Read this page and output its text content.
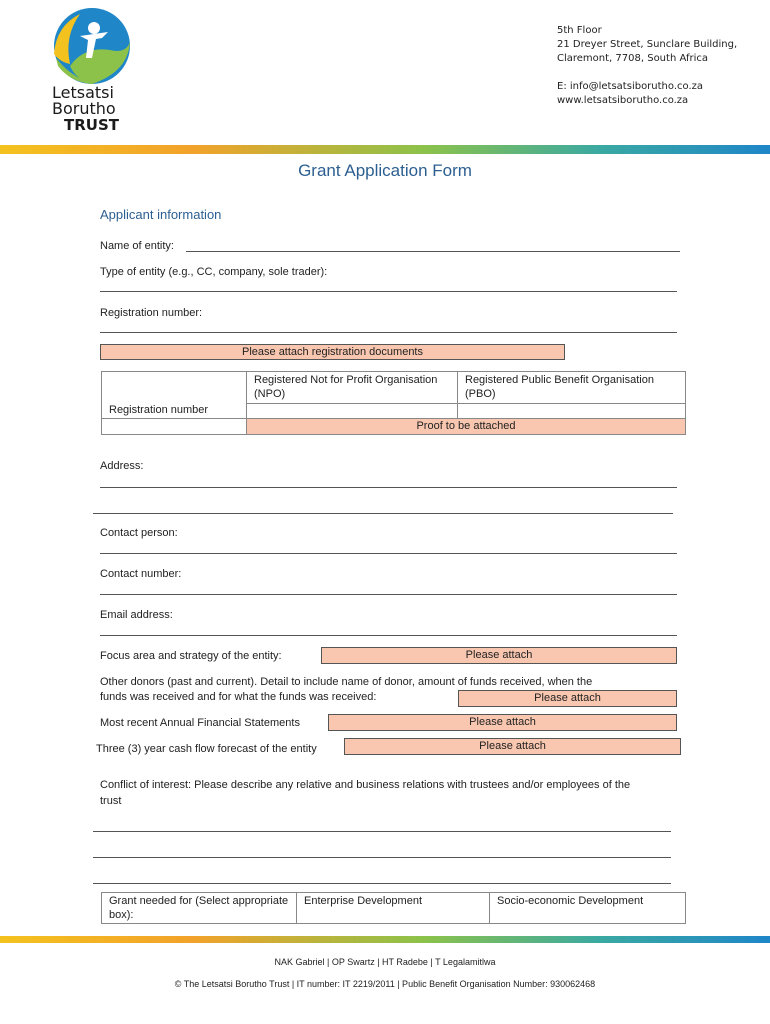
Letsatsi
Borutho
TRUST
5th Floor
21 Dreyer Street, Sunclare Building,
Claremont, 7708, South Africa
E: info@letsatsiborutho.co.za
www.letsatsiborutho.co.za
Grant Application Form
Applicant information
Name of entity:
Type of entity (e.g., CC, company, sole trader):
Registration number:
Please attach registration documents
	Registered Not for Profit Organisation (NPO)	Registered Public Benefit Organisation (PBO)
Registration number		
	Proof to be attached	
Address:
Contact person:
Contact number:
Email address:
Focus area and strategy of the entity:	Please attach
Other donors (past and current). Detail to include name of donor, amount of funds received, when the
funds was received and for what the funds was received:	Please attach
Most recent Annual Financial Statements	Please attach
Three (3) year cash flow forecast of the entity	Please attach
Conflict of interest: Please describe any relative and business relations with trustees and/or employees of the
trust
Grant needed for (Select appropriate box):	Enterprise Development	Socio-economic Development
NAK Gabriel | OP Swartz | HT Radebe | T Legalamitlwa
© The Letsatsi Borutho Trust | IT number: IT 2219/2011 | Public Benefit Organisation Number: 930062468
